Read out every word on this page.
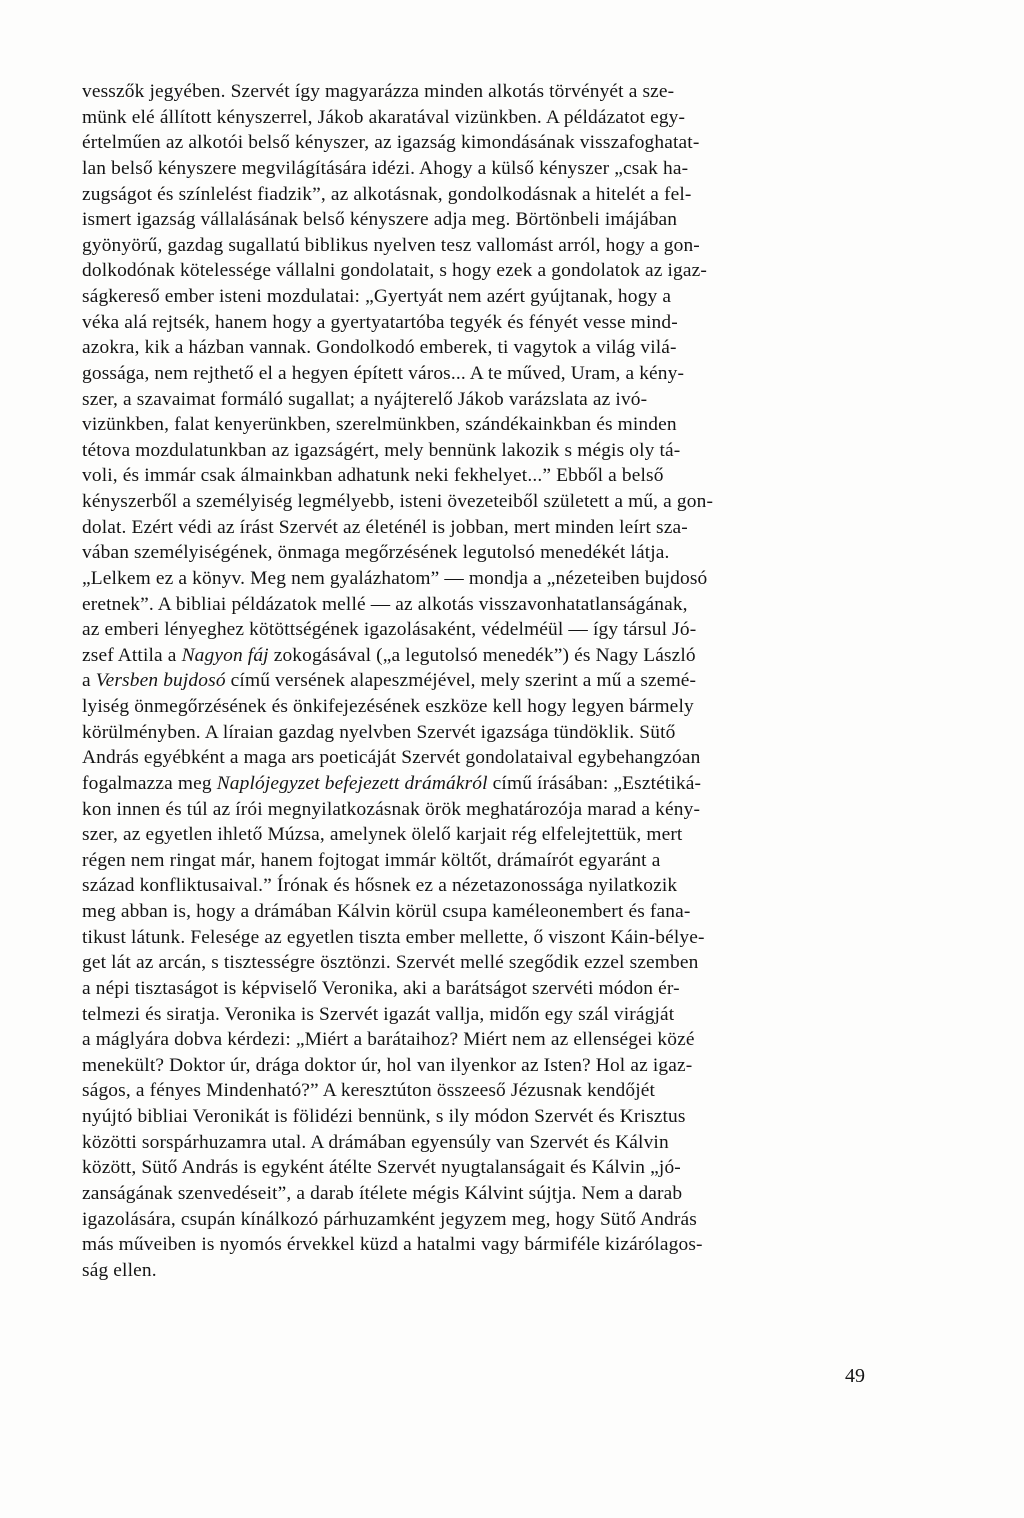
vesszők jegyében. Szervét így magyarázza minden alkotás törvényét a sze-
münk elé állított kényszerrel, Jákob akaratával vizünkben. A példázatot egy-
értelműen az alkotói belső kényszer, az igazság kimondásának visszafoghatat-
lan belső kényszere megvilágítására idézi. Ahogy a külső kényszer „csak ha-
zugságot és színlelést fiadzik”, az alkotásnak, gondolkodásnak a hitelét a fel-
ismert igazság vállalásának belső kényszere adja meg. Börtönbeli imájában
gyönyörű, gazdag sugallatú biblikus nyelven tesz vallomást arról, hogy a gon-
dolkodónak kötelessége vállalni gondolatait, s hogy ezek a gondolatok az igaz-
ságkereső ember isteni mozdulatai: „Gyertyát nem azért gyújtanak, hogy a
véka alá rejtsék, hanem hogy a gyertyatartóba tegyék és fényét vesse mind-
azokra, kik a házban vannak. Gondolkodó emberek, ti vagytok a világ vilá-
gossága, nem rejthető el a hegyen épített város... A te műved, Uram, a kény-
szer, a szavaimat formáló sugallat; a nyájterelő Jákob varázslata az ivó-
vizünkben, falat kenyerünkben, szerelmünkben, szándékainkban és minden
tétova mozdulatunkban az igazságért, mely bennünk lakozik s mégis oly tá-
voli, és immár csak álmainkban adhatunk neki fekhelyet...” Ebből a belső
kényszerből a személyiség legmélyebb, isteni övezeteiből született a mű, a gon-
dolat. Ezért védi az írást Szervét az életénél is jobban, mert minden leírt sza-
vában személyiségének, önmaga megőrzésének legutolsó menedékét látja.
„Lelkem ez a könyv. Meg nem gyalázhatom” — mondja a „nézeteiben bujdosó
eretnek”. A bibliai példázatok mellé — az alkotás visszavonhatatlanságának,
az emberi lényeghez kötöttségének igazolásaként, védelméül — így társul Jó-
zsef Attila a Nagyon fáj zokogásával („a legutolsó menedék”) és Nagy László
a Versben bujdosó című versének alapeszméjével, mely szerint a mű a szemé-
lyiség önmegőrzésének és önkifejezésének eszköze kell hogy legyen bármely
körülményben. A líraian gazdag nyelvben Szervét igazsága tündöklik. Sütő
András egyébként a maga ars poeticáját Szervét gondolataival egybehangzóan
fogalmazza meg Naplójegyzet befejezett drámákról című írásában: „Esztétiká-
kon innen és túl az írói megnyilatkozásnak örök meghatározója marad a kény-
szer, az egyetlen ihlető Múzsa, amelynek ölelő karjait rég elfelejtettük, mert
régen nem ringat már, hanem fojtogat immár költőt, drámaírót egyaránt a
század konfliktusaival.” Írónak és hősnek ez a nézetazonossága nyilatkozik
meg abban is, hogy a drámában Kálvin körül csupa kaméleonembert és fana-
tikust látunk. Felesége az egyetlen tiszta ember mellette, ő viszont Káin-bélye-
get lát az arcán, s tisztességre ösztönzi. Szervét mellé szegődik ezzel szemben
a népi tisztaságot is képviselő Veronika, aki a barátságot szervéti módon ér-
telmezi és siratja. Veronika is Szervét igazát vallja, midőn egy szál virágját
a máglyára dobva kérdezi: „Miért a barátaihoz? Miért nem az ellenségei közé
menekült? Doktor úr, drága doktor úr, hol van ilyenkor az Isten? Hol az igaz-
ságos, a fényes Mindenható?” A keresztúton összeeső Jézusnak kendőjét
nyújtó bibliai Veronikát is fölidézi bennünk, s ily módon Szervét és Krisztus
közötti sorspárhuzamra utal. A drámában egyensúly van Szervét és Kálvin
között, Sütő András is egyként átélte Szervét nyugtalanságait és Kálvin „jó-
zanságának szenvedéseit”, a darab ítélete mégis Kálvint sújtja. Nem a darab
igazolására, csupán kínálkozó párhuzamként jegyzem meg, hogy Sütő András
más műveiben is nyomós érvekkel küzd a hatalmi vagy bármiféle kizárólagos-
ság ellen.
49
